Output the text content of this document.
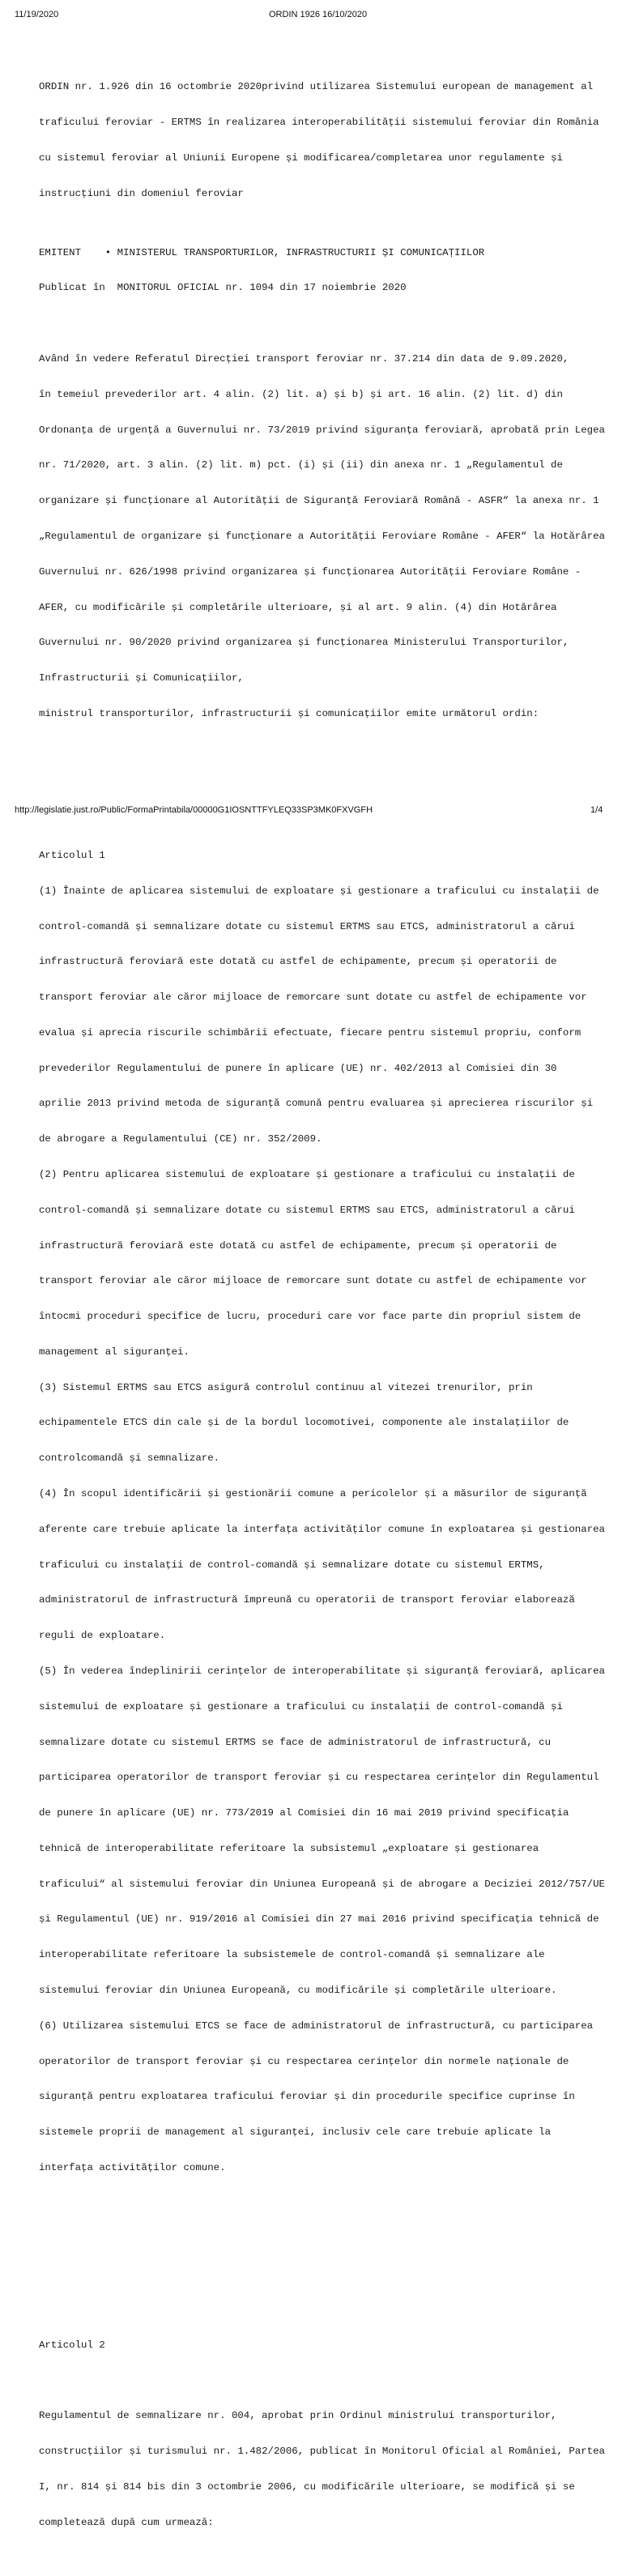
11/19/2020	ORDIN 1926 16/10/2020

ORDIN nr. 1.926 din 16 octombrie 2020privind utilizarea Sistemului european de management al

traficului feroviar - ERTMS în realizarea interoperabilității sistemului feroviar din România

cu sistemul feroviar al Uniunii Europene și modificarea/completarea unor regulamente și

instrucțiuni din domeniul feroviar

EMITENT    • MINISTERUL TRANSPORTURILOR, INFRASTRUCTURII ȘI COMUNICAȚIILOR

Publicat în  MONITORUL OFICIAL nr. 1094 din 17 noiembrie 2020

Având în vedere Referatul Direcției transport feroviar nr. 37.214 din data de 9.09.2020,

în temeiul prevederilor art. 4 alin. (2) lit. a) și b) și art. 16 alin. (2) lit. d) din

Ordonanța de urgență a Guvernului nr. 73/2019 privind siguranța feroviară, aprobată prin Legea

nr. 71/2020, art. 3 alin. (2) lit. m) pct. (i) și (ii) din anexa nr. 1 „Regulamentul de

organizare și funcționare al Autorității de Siguranță Feroviară Română - ASFR“ la anexa nr. 1

„Regulamentul de organizare și funcționare a Autorității Feroviare Române - AFER“ la Hotărârea

Guvernului nr. 626/1998 privind organizarea și funcționarea Autorității Feroviare Române -

AFER, cu modificările și completările ulterioare, și al art. 9 alin. (4) din Hotărârea

Guvernului nr. 90/2020 privind organizarea și funcționarea Ministerului Transporturilor,

Infrastructurii și Comunicațiilor,

ministrul transporturilor, infrastructurii și comunicațiilor emite următorul ordin:

Articolul 1

(1) Înainte de aplicarea sistemului de exploatare și gestionare a traficului cu instalații de

control-comandă și semnalizare dotate cu sistemul ERTMS sau ETCS, administratorul a cărui

infrastructură feroviară este dotată cu astfel de echipamente, precum și operatorii de

transport feroviar ale căror mijloace de remorcare sunt dotate cu astfel de echipamente vor

evalua și aprecia riscurile schimbării efectuate, fiecare pentru sistemul propriu, conform

prevederilor Regulamentului de punere în aplicare (UE) nr. 402/2013 al Comisiei din 30

aprilie 2013 privind metoda de siguranță comună pentru evaluarea și aprecierea riscurilor și

de abrogare a Regulamentului (CE) nr. 352/2009.

(2) Pentru aplicarea sistemului de exploatare și gestionare a traficului cu instalații de

control-comandă și semnalizare dotate cu sistemul ERTMS sau ETCS, administratorul a cărui

infrastructură feroviară este dotată cu astfel de echipamente, precum și operatorii de

transport feroviar ale căror mijloace de remorcare sunt dotate cu astfel de echipamente vor

întocmi proceduri specifice de lucru, proceduri care vor face parte din propriul sistem de

management al siguranței.

(3) Sistemul ERTMS sau ETCS asigură controlul continuu al vitezei trenurilor, prin

echipamentele ETCS din cale și de la bordul locomotivei, componente ale instalațiilor de

controlcomandă și semnalizare.

(4) În scopul identificării și gestionării comune a pericolelor și a măsurilor de siguranță

aferente care trebuie aplicate la interfața activităților comune în exploatarea și gestionarea

traficului cu instalații de control-comandă și semnalizare dotate cu sistemul ERTMS,

administratorul de infrastructură împreună cu operatorii de transport feroviar elaborează

reguli de exploatare.

(5) În vederea îndeplinirii cerințelor de interoperabilitate și siguranță feroviară, aplicarea

sistemului de exploatare și gestionare a traficului cu instalații de control-comandă și

semnalizare dotate cu sistemul ERTMS se face de administratorul de infrastructură, cu

participarea operatorilor de transport feroviar și cu respectarea cerințelor din Regulamentul

de punere în aplicare (UE) nr. 773/2019 al Comisiei din 16 mai 2019 privind specificația

tehnică de interoperabilitate referitoare la subsistemul „exploatare și gestionarea

traficului“ al sistemului feroviar din Uniunea Europeană și de abrogare a Deciziei 2012/757/UE

și Regulamentul (UE) nr. 919/2016 al Comisiei din 27 mai 2016 privind specificația tehnică de

interoperabilitate referitoare la subsistemele de control-comandă și semnalizare ale

sistemului feroviar din Uniunea Europeană, cu modificările și completările ulterioare.

(6) Utilizarea sistemului ETCS se face de administratorul de infrastructură, cu participarea

operatorilor de transport feroviar și cu respectarea cerințelor din normele naționale de

siguranță pentru exploatarea traficului feroviar și din procedurile specifice cuprinse în

sistemele proprii de management al siguranței, inclusiv cele care trebuie aplicate la

interfața activităților comune.

Articolul 2

Regulamentul de semnalizare nr. 004, aprobat prin Ordinul ministrului transporturilor,

construcțiilor și turismului nr. 1.482/2006, publicat în Monitorul Oficial al României, Partea

I, nr. 814 și 814 bis din 3 octombrie 2006, cu modificările ulterioare, se modifică și se

completează după cum urmează:

http://legislatie.just.ro/Public/FormaPrintabila/00000G1IOSNTTFYLEQ33SP3MK0FXVGFH	1/4
